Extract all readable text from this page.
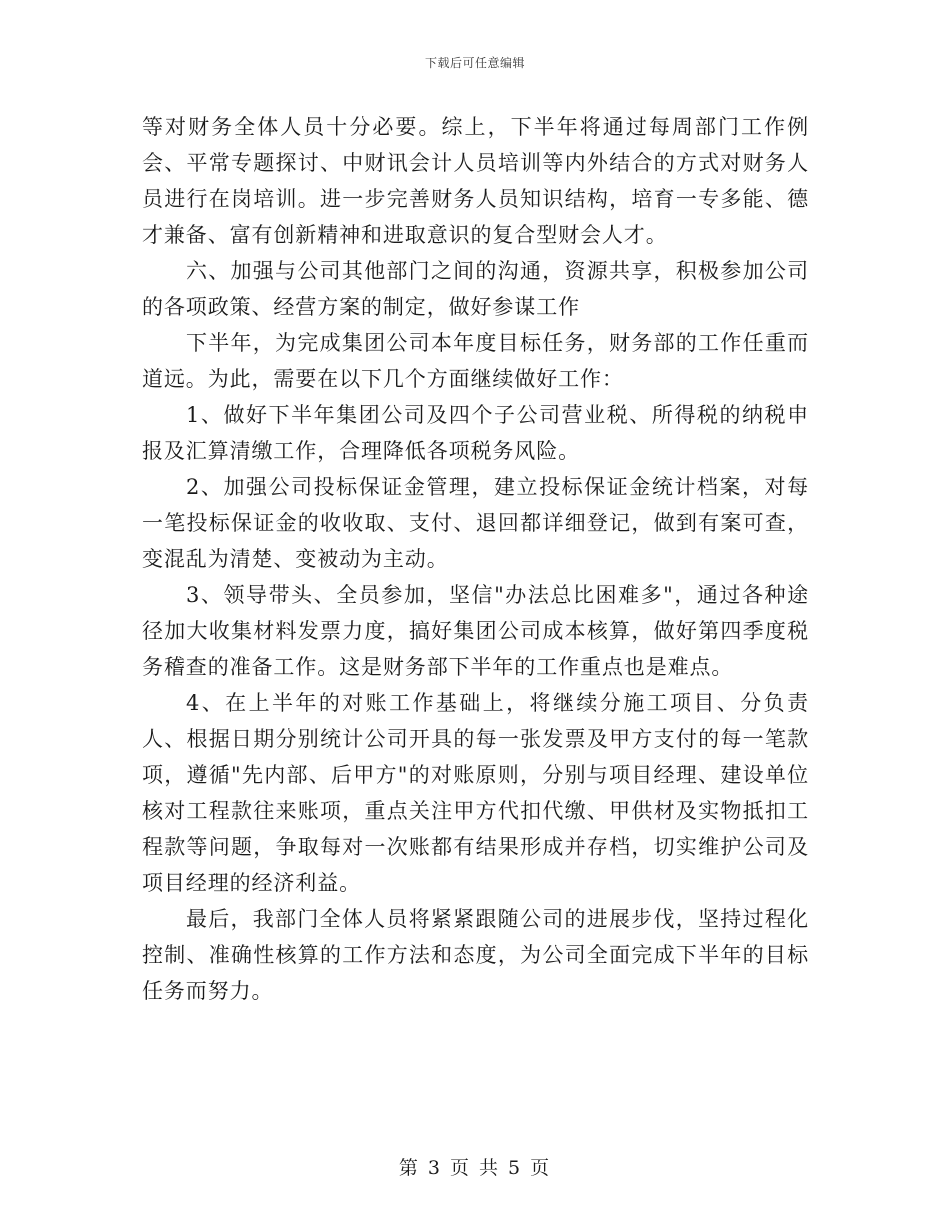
下载后可任意编辑

等对财务全体人员十分必要。综上，下半年将通过每周部门工作例会、平常专题探讨、中财讯会计人员培训等内外结合的方式对财务人员进行在岗培训。进一步完善财务人员知识结构，培育一专多能、德才兼备、富有创新精神和进取意识的复合型财会人才。

六、加强与公司其他部门之间的沟通，资源共享，积极参加公司的各项政策、经营方案的制定，做好参谋工作

下半年，为完成集团公司本年度目标任务，财务部的工作任重而道远。为此，需要在以下几个方面继续做好工作：

1、做好下半年集团公司及四个子公司营业税、所得税的纳税申报及汇算清缴工作，合理降低各项税务风险。

2、加强公司投标保证金管理，建立投标保证金统计档案，对每一笔投标保证金的收收取、支付、退回都详细登记，做到有案可查，变混乱为清楚、变被动为主动。

3、领导带头、全员参加，坚信"办法总比困难多"，通过各种途径加大收集材料发票力度，搞好集团公司成本核算，做好第四季度税务稽查的准备工作。这是财务部下半年的工作重点也是难点。

4、在上半年的对账工作基础上，将继续分施工项目、分负责人、根据日期分别统计公司开具的每一张发票及甲方支付的每一笔款项，遵循"先内部、后甲方"的对账原则，分别与项目经理、建设单位核对工程款往来账项，重点关注甲方代扣代缴、甲供材及实物抵扣工程款等问题，争取每对一次账都有结果形成并存档，切实维护公司及项目经理的经济利益。

最后，我部门全体人员将紧紧跟随公司的进展步伐，坚持过程化控制、准确性核算的工作方法和态度，为公司全面完成下半年的目标任务而努力。

第 3 页 共 5 页
